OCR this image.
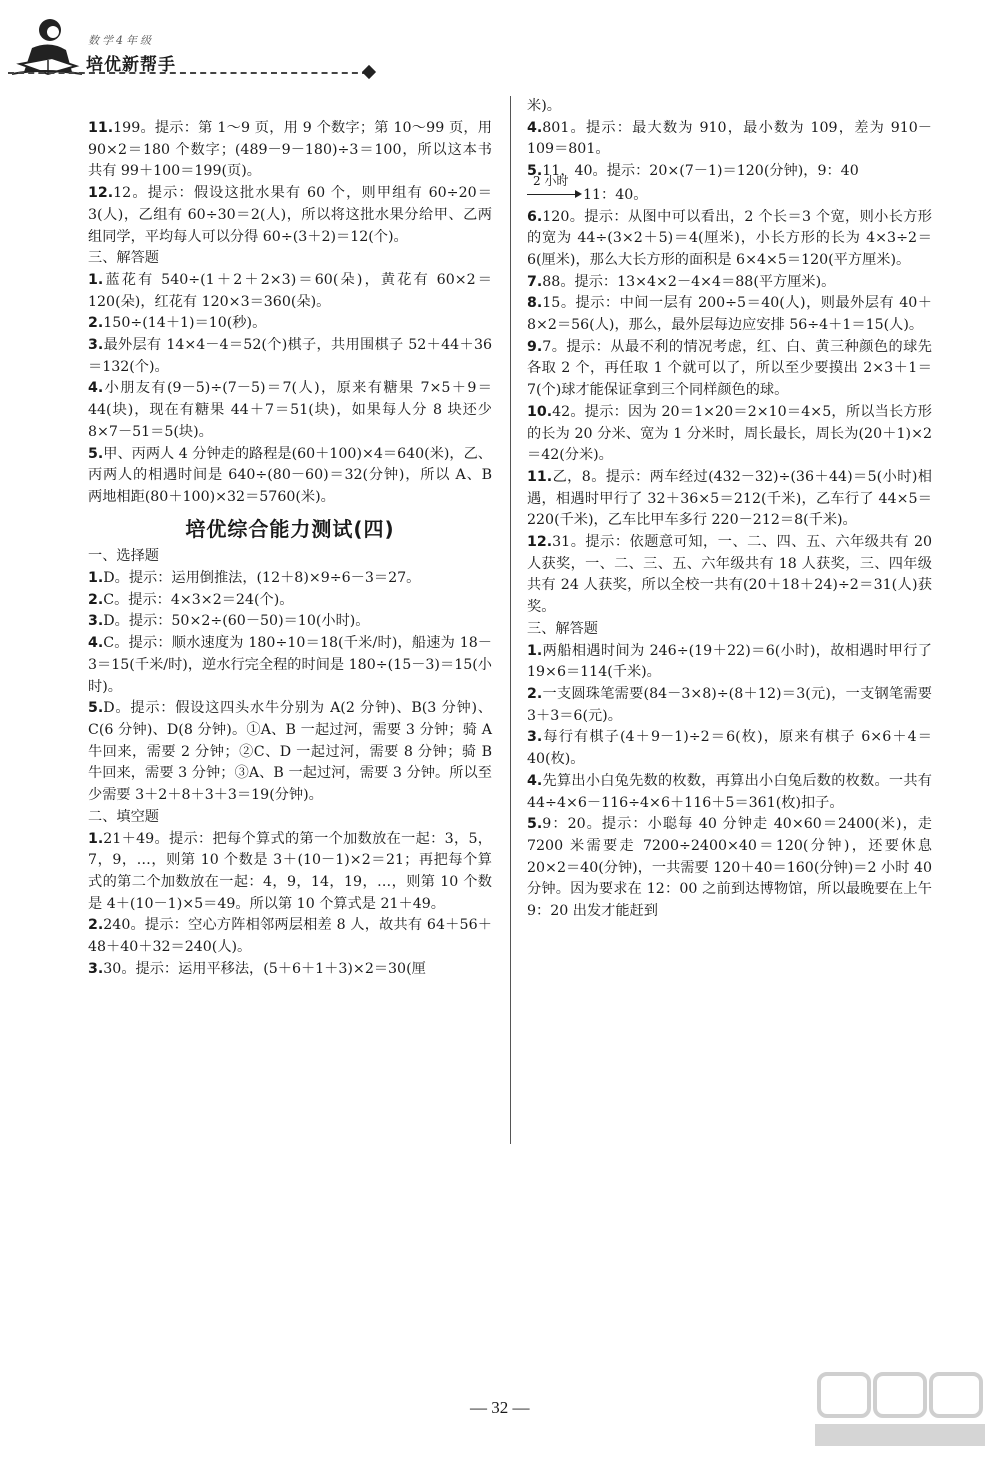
数学4年级
培优新帮手

11.199。提示：第 1～9 页，用 9 个数字；第 10～99 页，用 90×2＝180 个数字；(489－9－180)÷3＝100，所以这本书共有 99＋100＝199(页)。

12.12。提示：假设这批水果有 60 个，则甲组有 60÷20＝3(人)，乙组有 60÷30＝2(人)，所以将这批水果分给甲、乙两组同学，平均每人可以分得 60÷(3＋2)＝12(个)。

三、解答题

1.蓝花有 540÷(1＋2＋2×3)＝60(朵)，黄花有 60×2＝120(朵)，红花有 120×3＝360(朵)。

2.150÷(14＋1)＝10(秒)。

3.最外层有 14×4－4＝52(个)棋子，共用围棋子 52＋44＋36＝132(个)。

4.小朋友有(9－5)÷(7－5)＝7(人)，原来有糖果 7×5＋9＝44(块)，现在有糖果 44＋7＝51(块)，如果每人分 8 块还少 8×7－51＝5(块)。

5.甲、丙两人 4 分钟走的路程是(60＋100)×4＝640(米)，乙、丙两人的相遇时间是 640÷(80－60)＝32(分钟)，所以 A、B 两地相距(80＋100)×32＝5760(米)。

培优综合能力测试(四)

一、选择题

1.D。提示：运用倒推法，(12＋8)×9÷6－3＝27。

2.C。提示：4×3×2＝24(个)。

3.D。提示：50×2÷(60－50)＝10(小时)。

4.C。提示：顺水速度为 180÷10＝18(千米/时)，船速为 18－3＝15(千米/时)，逆水行完全程的时间是 180÷(15－3)＝15(小时)。

5.D。提示：假设这四头水牛分别为 A(2 分钟)、B(3 分钟)、C(6 分钟)、D(8 分钟)。①A、B 一起过河，需要 3 分钟；骑 A 牛回来，需要 2 分钟；②C、D 一起过河，需要 8 分钟；骑 B 牛回来，需要 3 分钟；③A、B 一起过河，需要 3 分钟。所以至少需要 3＋2＋8＋3＋3＝19(分钟)。

二、填空题

1.21＋49。提示：把每个算式的第一个加数放在一起：3，5，7，9，…，则第 10 个数是 3＋(10－1)×2＝21；再把每个算式的第二个加数放在一起：4，9，14，19，…，则第 10 个数是 4＋(10－1)×5＝49。所以第 10 个算式是 21＋49。

2.240。提示：空心方阵相邻两层相差 8 人，故共有 64＋56＋48＋40＋32＝240(人)。

3.30。提示：运用平移法，(5＋6＋1＋3)×2＝30(厘

米)。

4.801。提示：最大数为 910，最小数为 109，差为 910－109＝801。

5.11，40。提示：20×(7－1)＝120(分钟)，9：40

2 小时
11：40。

6.120。提示：从图中可以看出，2 个长＝3 个宽，则小长方形的宽为 44÷(3×2＋5)＝4(厘米)，小长方形的长为 4×3÷2＝6(厘米)，那么大长方形的面积是 6×4×5＝120(平方厘米)。

7.88。提示：13×4×2－4×4＝88(平方厘米)。

8.15。提示：中间一层有 200÷5＝40(人)，则最外层有 40＋8×2＝56(人)，那么，最外层每边应安排 56÷4＋1＝15(人)。

9.7。提示：从最不利的情况考虑，红、白、黄三种颜色的球先各取 2 个，再任取 1 个就可以了，所以至少要摸出 2×3＋1＝7(个)球才能保证拿到三个同样颜色的球。

10.42。提示：因为 20＝1×20＝2×10＝4×5，所以当长方形的长为 20 分米、宽为 1 分米时，周长最长，周长为(20＋1)×2＝42(分米)。

11.乙，8。提示：两车经过(432－32)÷(36＋44)＝5(小时)相遇，相遇时甲行了 32＋36×5＝212(千米)，乙车行了 44×5＝220(千米)，乙车比甲车多行 220－212＝8(千米)。

12.31。提示：依题意可知，一、二、四、五、六年级共有 20 人获奖，一、二、三、五、六年级共有 18 人获奖，三、四年级共有 24 人获奖，所以全校一共有(20＋18＋24)÷2＝31(人)获奖。

三、解答题

1.两船相遇时间为 246÷(19＋22)＝6(小时)，故相遇时甲行了 19×6＝114(千米)。

2.一支圆珠笔需要(84－3×8)÷(8＋12)＝3(元)，一支钢笔需要 3＋3＝6(元)。

3.每行有棋子(4＋9－1)÷2＝6(枚)，原来有棋子 6×6＋4＝40(枚)。

4.先算出小白兔先数的枚数，再算出小白兔后数的枚数。一共有 44÷4×6－116÷4×6＋116＋5＝361(枚)扣子。

5.9：20。提示：小聪每 40 分钟走 40×60＝2400(米)，走 7200 米需要走 7200÷2400×40＝120(分钟)，还要休息 20×2＝40(分钟)，一共需要 120＋40＝160(分钟)＝2 小时 40 分钟。因为要求在 12：00 之前到达博物馆，所以最晚要在上午 9：20 出发才能赶到

— 32 —
